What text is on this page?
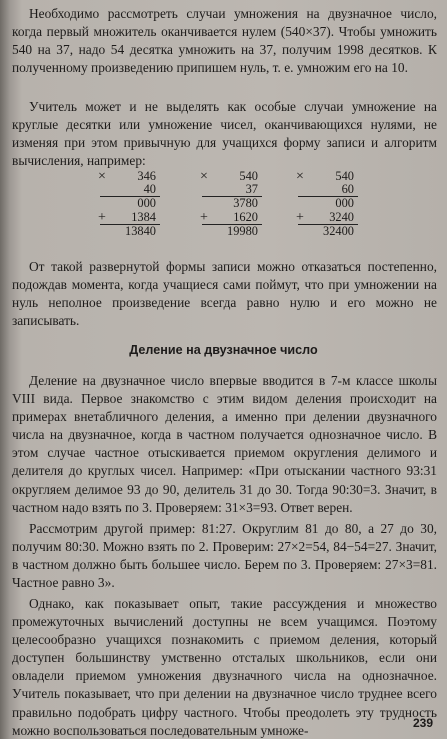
Необходимо рассмотреть случаи умножения на двузначное число, когда первый множитель оканчивается нулем (540×37). Чтобы умножить 540 на 37, надо 54 десятка умножить на 37, получим 1998 десятков. К полученному произведению припишем нуль, т. е. умножим его на 10.

Учитель может и не выделять как особые случаи умножение на круглые десятки или умножение чисел, оканчивающихся нулями, не изменяя при этом привычную для учащихся форму записи и алгоритм вычисления, например:

×	346
40
000
+ 1384
13840
×	540
37
3780
+ 1620
19980
×	540
60
000
+ 3240
32400

От такой развернутой формы записи можно отказаться постепенно, подождав момента, когда учащиеся сами поймут, что при умножении на нуль неполное произведение всегда равно нулю и его можно не записывать.

Деление на двузначное число

Деление на двузначное число впервые вводится в 7-м классе школы VIII вида. Первое знакомство с этим видом деления происходит на примерах внетабличного деления, а именно при делении двузначного числа на двузначное, когда в частном получается однозначное число. В этом случае частное отыскивается приемом округления делимого и делителя до круглых чисел. Например: «При отыскании частного 93:31 округляем делимое 93 до 90, делитель 31 до 30. Тогда 90:30=3. Значит, в частном надо взять по 3. Проверяем: 31×3=93. Ответ верен.

Рассмотрим другой пример: 81:27. Округлим 81 до 80, а 27 до 30, получим 80:30. Можно взять по 2. Проверим: 27×2=54, 84−54=27. Значит, в частном должно быть большее число. Берем по 3. Проверяем: 27×3=81. Частное равно 3».

Однако, как показывает опыт, такие рассуждения и множество промежуточных вычислений доступны не всем учащимся. Поэтому целесообразно учащихся познакомить с приемом деления, который доступен большинству умственно отсталых школьников, если они овладели приемом умножения двузначного числа на однозначное. Учитель показывает, что при делении на двузначное число труднее всего правильно подобрать цифру частного. Чтобы преодолеть эту трудность можно воспользоваться последовательным умноже-	239
